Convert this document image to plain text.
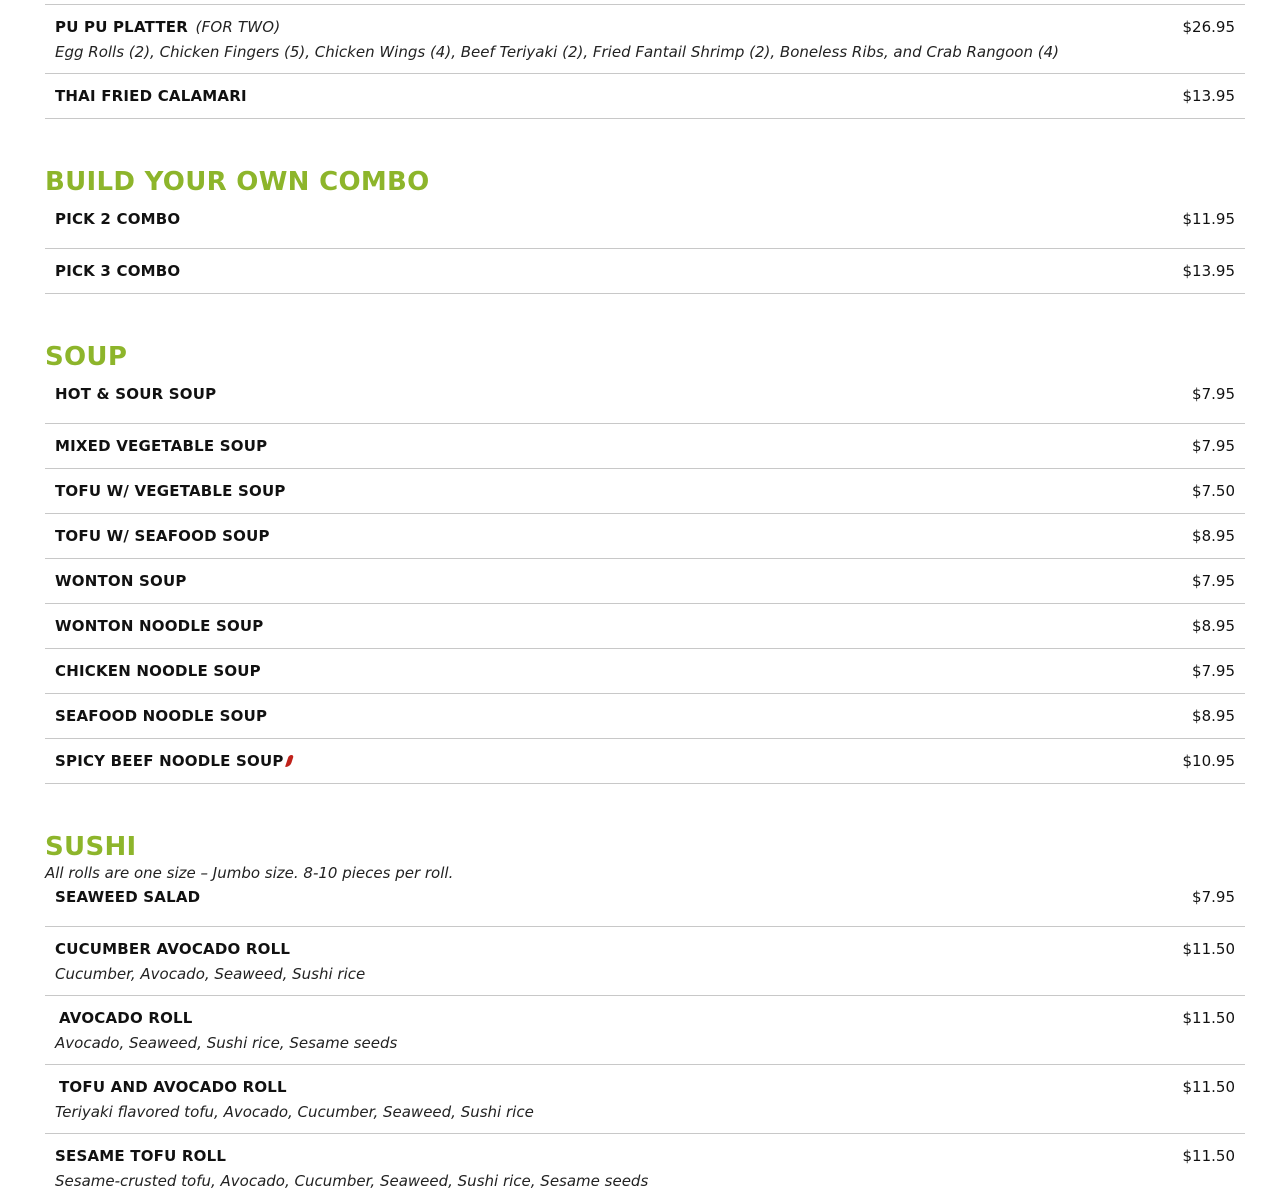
PU PU PLATTER (FOR TWO)	$26.95
Egg Rolls (2), Chicken Fingers (5), Chicken Wings (4), Beef Teriyaki (2), Fried Fantail Shrimp (2), Boneless Ribs, and Crab Rangoon (4)
THAI FRIED CALAMARI	$13.95
BUILD YOUR OWN COMBO
PICK 2 COMBO	$11.95
PICK 3 COMBO	$13.95
SOUP
HOT & SOUR SOUP	$7.95
MIXED VEGETABLE SOUP	$7.95
TOFU W/ VEGETABLE SOUP	$7.50
TOFU W/ SEAFOOD SOUP	$8.95
WONTON SOUP	$7.95
WONTON NOODLE SOUP	$8.95
CHICKEN NOODLE SOUP	$7.95
SEAFOOD NOODLE SOUP	$8.95
SPICY BEEF NOODLE SOUP	$10.95
SUSHI
All rolls are one size – Jumbo size. 8-10 pieces per roll.
SEAWEED SALAD	$7.95
CUCUMBER AVOCADO ROLL	$11.50
Cucumber, Avocado, Seaweed, Sushi rice
AVOCADO ROLL	$11.50
Avocado, Seaweed, Sushi rice, Sesame seeds
TOFU AND AVOCADO ROLL	$11.50
Teriyaki flavored tofu, Avocado, Cucumber, Seaweed, Sushi rice
SESAME TOFU ROLL	$11.50
Sesame-crusted tofu, Avocado, Cucumber, Seaweed, Sushi rice, Sesame seeds
